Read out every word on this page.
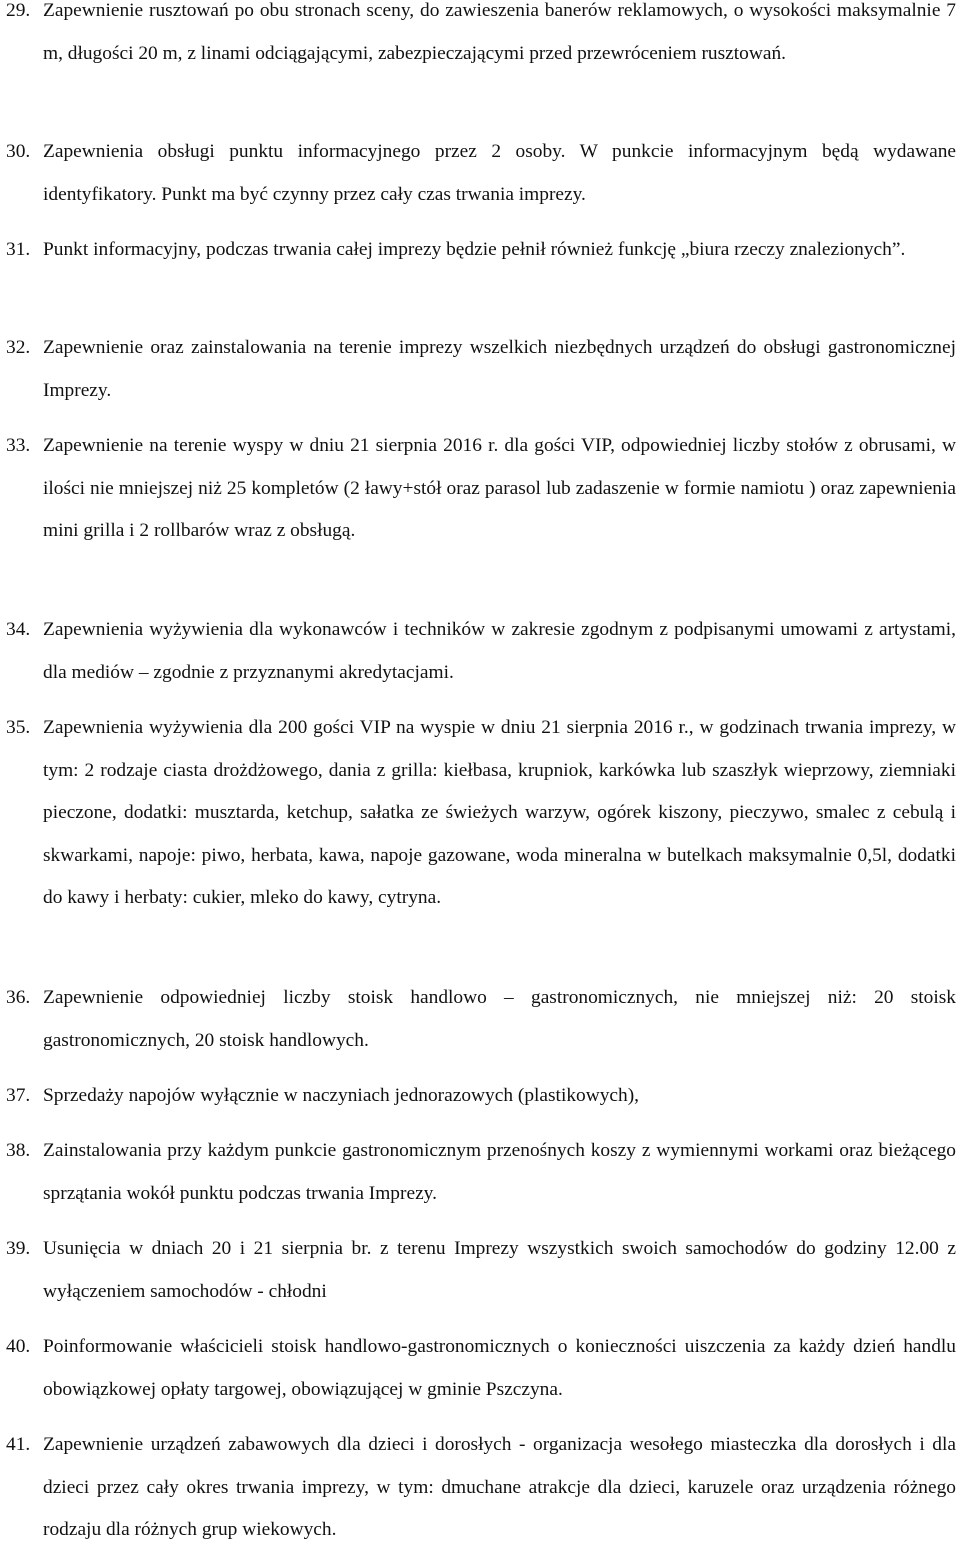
29. Zapewnienie rusztowań po obu stronach sceny, do zawieszenia banerów reklamowych, o wysokości maksymalnie 7 m, długości 20 m, z linami odciągającymi, zabezpieczającymi przed przewróceniem rusztowań.
30. Zapewnienia obsługi punktu informacyjnego przez 2 osoby. W punkcie informacyjnym będą wydawane identyfikatory. Punkt ma być czynny przez cały czas trwania imprezy.
31. Punkt informacyjny, podczas trwania całej imprezy będzie pełnił również funkcję „biura rzeczy znalezionych”.
32. Zapewnienie oraz zainstalowania na terenie imprezy wszelkich niezbędnych urządzeń do obsługi gastronomicznej Imprezy.
33. Zapewnienie na terenie wyspy w dniu 21 sierpnia 2016 r. dla gości VIP, odpowiedniej liczby stołów z obrusami, w ilości nie mniejszej niż 25 kompletów (2 ławy+stół oraz parasol lub zadaszenie w formie namiotu ) oraz zapewnienia mini grilla i 2 rollbarów wraz z obsługą.
34. Zapewnienia wyżywienia dla wykonawców i techników w zakresie zgodnym z podpisanymi umowami z artystami, dla mediów – zgodnie z przyznanymi akredytacjami.
35. Zapewnienia wyżywienia dla 200 gości VIP na wyspie w dniu 21 sierpnia 2016 r., w godzinach trwania imprezy, w tym: 2 rodzaje ciasta drożdżowego, dania z grilla: kiełbasa, krupniok, karkówka lub szaszłyk wieprzowy, ziemniaki pieczone, dodatki: musztarda, ketchup, sałatka ze świeżych warzyw, ogórek kiszony, pieczywo, smalec z cebulą i skwarkami, napoje: piwo, herbata, kawa, napoje gazowane, woda mineralna w butelkach maksymalnie 0,5l, dodatki do kawy i herbaty: cukier, mleko do kawy, cytryna.
36. Zapewnienie odpowiedniej liczby stoisk handlowo – gastronomicznych, nie mniejszej niż: 20 stoisk gastronomicznych, 20 stoisk handlowych.
37. Sprzedaży napojów wyłącznie w naczyniach jednorazowych (plastikowych),
38. Zainstalowania przy każdym punkcie gastronomicznym przenośnych koszy z wymiennymi workami oraz bieżącego sprzątania wokół punktu podczas trwania Imprezy.
39. Usunięcia w dniach 20 i 21 sierpnia br. z terenu Imprezy wszystkich swoich samochodów do godziny 12.00 z wyłączeniem samochodów - chłodni
40. Poinformowanie właścicieli stoisk handlowo-gastronomicznych o konieczności uiszczenia za każdy dzień handlu obowiązkowej opłaty targowej, obowiązującej w gminie Pszczyna.
41. Zapewnienie urządzeń zabawowych dla dzieci i dorosłych - organizacja wesołego miasteczka dla dorosłych i dla dzieci przez cały okres trwania imprezy, w tym: dmuchane atrakcje dla dzieci, karuzele oraz urządzenia różnego rodzaju dla różnych grup wiekowych.
